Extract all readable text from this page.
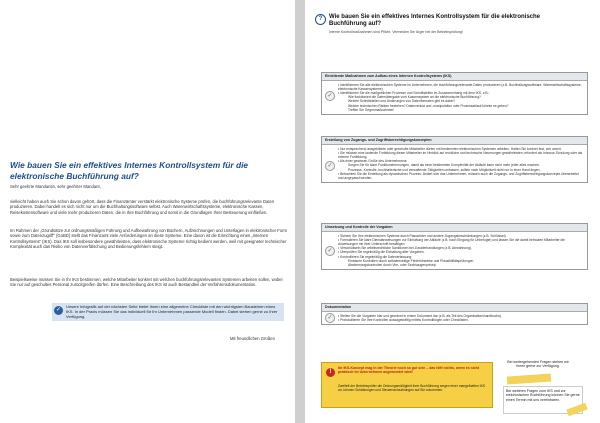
Wie bauen Sie ein effektives Internes Kontrollsystem für die elektronische Buchführung auf?
Sehr geehrte Mandantin, sehr geehrter Mandant,
vielleicht haben auch Sie schon davon gehört, dass die Finanzämter verstärkt elektronische Systeme prüfen, die buchführungsrelevante Daten produzieren. Dabei handelt es sich nicht nur um die Buchhaltungssoftware selbst. Auch Warenwirtschaftssysteme, elektronische Kassen, Reisekostensoftware und viele mehr produzieren Daten, die in Ihre Buchführung und somit in die Grundlagen Ihrer Besteuerung einfließen.
Im Rahmen der „Grundsätze zur ordnungsmäßigen Führung und Aufbewahrung von Büchern, Aufzeichnungen und Unterlagen in elektronischer Form sowie zum Datenzugriff“ (GoBD) stellt das Finanzamt viele Anforderungen an diese Systeme. Eine davon ist die Einrichtung eines „Internen Kontrollsystems“ (IKS). Das IKS soll insbesondere gewährleisten, dass elektronische Systeme richtig bedient werden, weil mit geeigneter technischer Komplexität auch das Risiko von Datenverfälschung und Bedienungsfehlern steigt.
Beispielsweise müssen Sie in Ihr IKS bestimmen, welche Mitarbeiter konkret mit welchen buchführungsrelevanten Systemen arbeiten sollen, wobei Sie nur auf geschultes Personal zurückgreifen dürfen. Eine Beschreibung des IKS ist auch Bestandteil der Verfahrensdokumentation.
✓
Unsere Infografik auf der nächsten Seite bietet Ihnen eine allgemeine Checkliste mit den wichtigsten Bausteinen eines IKS. In der Praxis müssen Sie das individuell für Ihr Unternehmen passende Modell finden. Dabei stehen gerne zu Ihrer Verfügung.
Mit freundlichen Grüßen
?	Wie bauen Sie ein effektives Internes Kontrollsystem für die elektronische Buchführung auf?
Interne Kontrollmaßnahmen sind Pflicht. Vermeiden Sie Ärger bei der Betriebsprüfung!
Einleitende Maßnahmen zum Aufbau eines Internen Kontrollsystems (IKS)
✓
• Identifizieren Sie alle elektronischen Systeme im Unternehmen, die buchführungsrelevante Daten produzieren (z.B. Buchhaltungssoftware, Warenwirtschaftssysteme, elektronische Kassensysteme).
• Identifizieren Sie die maßgeblichen Prozesse und Schnittstellen im Zusammenhang mit dem IKS, z.B.:
Wie funktioniert die Datenübergabe vom Kassensystem an die elektronische Buchführung?
Welche Schnittstellen und Änderungen von Datenformaten gibt es dabei?
Welche technischen Risiken bestehen? Datenverlust und -manipulation oder Prozessablauf könnte es geben?
Treffen Sie Gegenmaßnahmen!
Erstellung von Zugangs- und Zugriffsberechtigungskonzepten
✓
• Nur entsprechend ausgebildete oder geschulte Mitarbeiter dürfen mit bestimmten elektronischen Systemen arbeiten. Halten Sie konkret fest, wer womit.
• Sie müssen eine laufende Fortbildung dieser Mitarbeiter im Hinblick auf rechtliche und technische Neuerungen gewährleisten; erfordert als Inhouse-Schulung oder als externe Fortbildung.
• Als einer gewissen Größe des Unternehmens:
Sorgen Sie für klare Funktionstrennungen, damit als einer bestimmten Komplexität der Abläufe kann nicht mehr jeder alles machen.
Prozesse, Kontrolle, buchhalterische und verwaltende Tätigkeiten umfassen, sollten nach Möglichkeit nicht nur in einer Hand liegen.
• Betrachten Sie die Erstellung als dynamischen Prozess: Ändert sich das Unternehmen, müssen auch die Zugangs- und Zugriffsberechtigungskonzepte überarbeitet und angepasst werden.
Umsetzung und Kontrolle der Vorgaben
✓
• Sichern Sie Ihre elektronischen Systeme durch Passwörter und andere Zugangsbeschränkungen (z.B. Schlüssel).
• Formulieren Sie klare Dienstanweisungen zur Einhaltung der Abläufe (z.B. nach Eingang für Unbefugte) und lassen Sie die damit betrauten Mitarbeiter die Anweisungen mit ihrer Unterschrift bestätigen.
• Verschlüsseln Sie arbeitsrechtliche Sanktionen bei Zuwiderhandlungen (z.B. Abmahnung).
• Überprüfen Sie regelmäßig die Einhaltung aller Vorgaben.
• Kontrollieren Sie regelmäßig die Datenerfassung:
Einbauen Kontrollen durch softwareseitige Fehlerhinweise und Plausibilitätsprüfungen.
Abstimmungskontrollen durch Vier- oder Sechsaugenprinzip.
Dokumentation
✓	• Stellen Sie die Vorgaben klar und geordnet in einem Dokument dar (z.B. als Teil des Organisationshandbuchs).
• Protokollieren Sie Ihre Kontrollen aussagekräftig mittels Kontrollbögen oder Checklisten.
!
Ihr IKS-Konzept mag in der Theorie noch so gut sein – das hilft nichts, wenn es nicht praktisch im Unternehmen angewendet wird!
Zweifelt der Betriebsprüfer die Ordnungsmäßigkeit Ihrer Buchführung wegen einer mangelhaften IKS an, können Schätzungen und Steuernachzahlungen auf Sie zukommen.
Bei weitergehenden Fragen stehen wir Ihnen gerne zur Verfügung.
Bei weiteren Fragen zum IKS und zur elektronischen Buchführung können Sie gerne einen Termin mit uns vereinbaren.
